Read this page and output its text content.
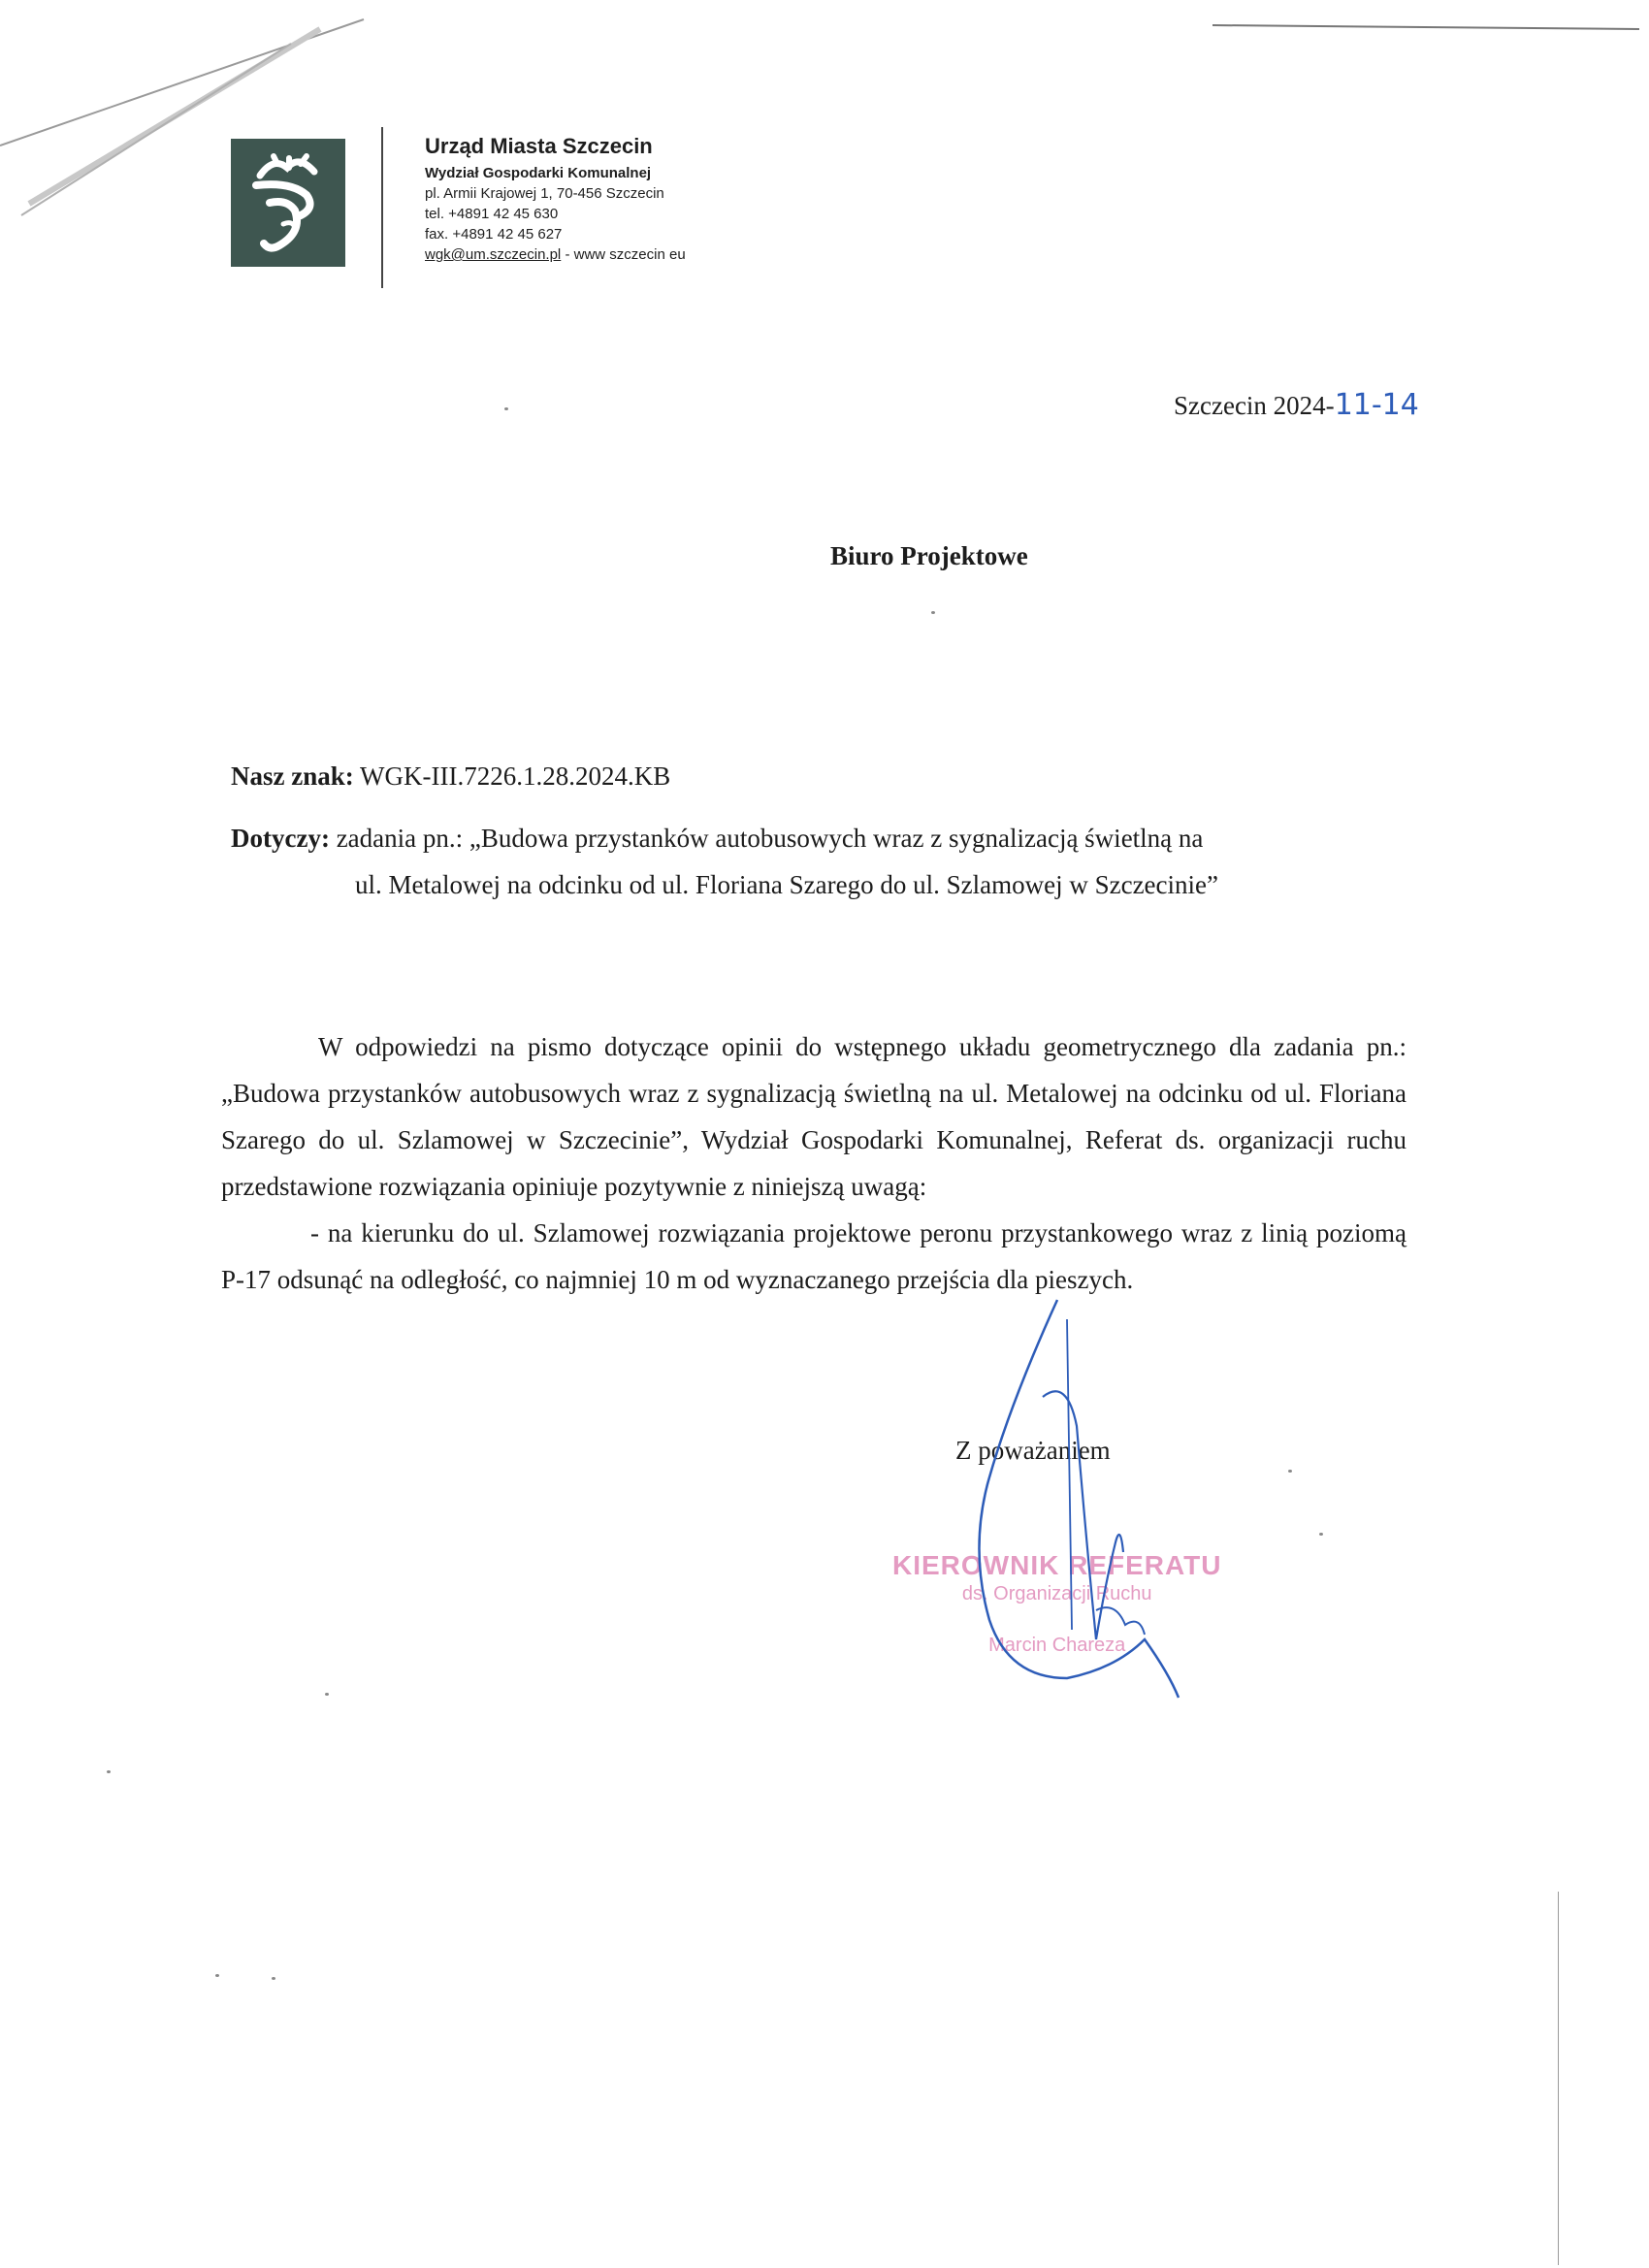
Urząd Miasta Szczecin
Wydział Gospodarki Komunalnej
pl. Armii Krajowej 1, 70-456 Szczecin
tel. +4891 42 45 630
fax. +4891 42 45 627
wgk@um.szczecin.pl - www szczecin eu
Szczecin 2024-11-14
Biuro Projektowe
Nasz znak: WGK-III.7226.1.28.2024.KB
Dotyczy: zadania pn.: „Budowa przystanków autobusowych wraz z sygnalizacją świetlną na
ul. Metalowej na odcinku od ul. Floriana Szarego do ul. Szlamowej w Szczecinie”

W odpowiedzi na pismo dotyczące opinii do wstępnego układu geometrycznego dla zadania pn.: „Budowa przystanków autobusowych wraz z sygnalizacją świetlną na ul. Metalowej na odcinku od ul. Floriana Szarego do ul. Szlamowej w Szczecinie”, Wydział Gospodarki Komunalnej, Referat ds. organizacji ruchu przedstawione rozwiązania opiniuje pozytywnie z niniejszą uwagą:

- na kierunku do ul. Szlamowej rozwiązania projektowe peronu przystankowego wraz z linią poziomą P-17 odsunąć na odległość, co najmniej 10 m od wyznaczanego przejścia dla pieszych.

Z poważaniem
KIEROWNIK REFERATU
ds. Organizacji Ruchu
Marcin Chareza
